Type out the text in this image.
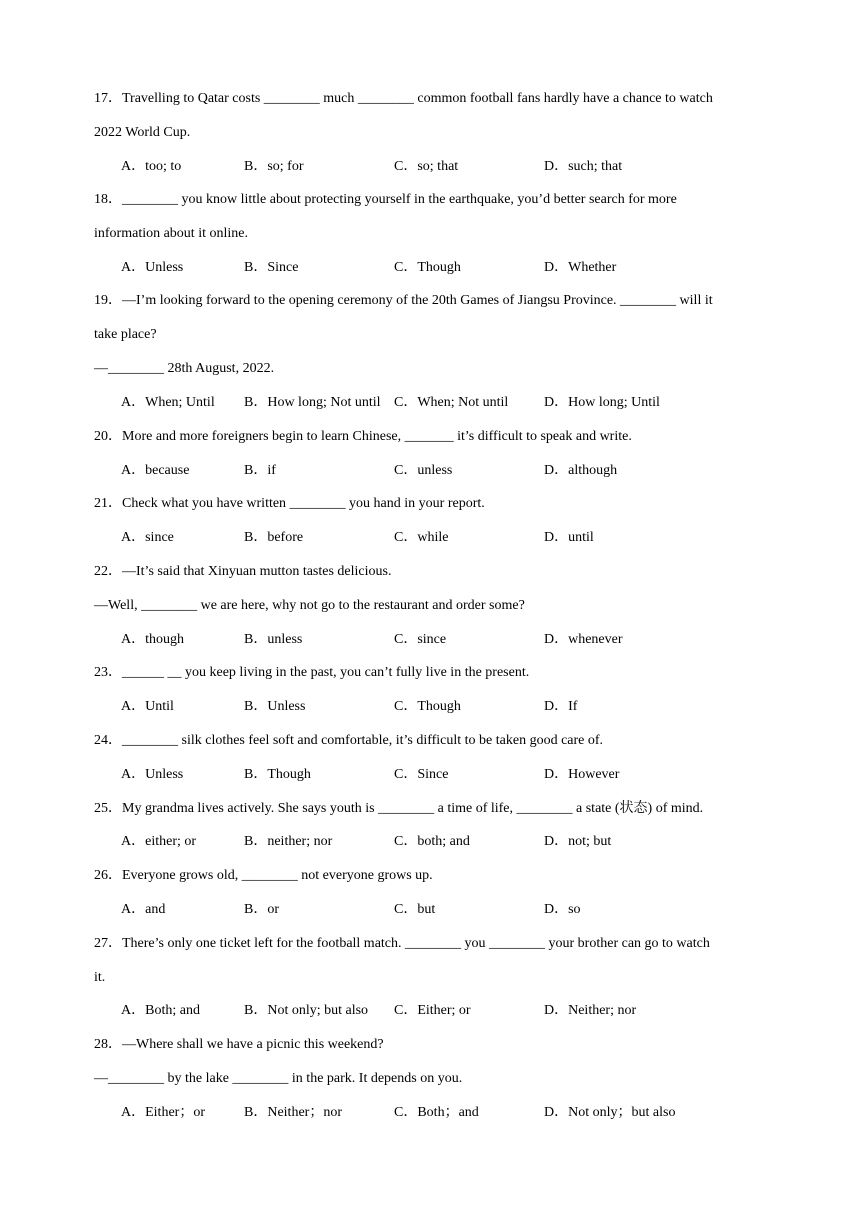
17．Travelling to Qatar costs ________ much ________ common football fans hardly have a chance to watch
2022 World Cup.
A．too; to	B．so; for	C．so; that	D．such; that
18．________ you know little about protecting yourself in the earthquake, you’d better search for more
information about it online.
A．Unless	B．Since	C．Though	D．Whether
19．—I’m looking forward to the opening ceremony of the 20th Games of Jiangsu Province. ________ will it
take place?
—________ 28th August, 2022.
A．When; Until B．How long; Not until C．When; Not until	D．How long; Until
20．More and more foreigners begin to learn Chinese, _______ it’s difficult to speak and write.
A．because	B．if	C．unless	D．although
21．Check what you have written ________ you hand in your report.
A．since	B．before	C．while	D．until
22．—It’s said that Xinyuan mutton tastes delicious.
—Well, ________ we are here, why not go to the restaurant and order some?
A．though	B．unless	C．since	D．whenever
23．______ __ you keep living in the past, you can’t fully live in the present.
A．Until	B．Unless	C．Though	D．If
24．________ silk clothes feel soft and comfortable, it’s difficult to be taken good care of.
A．Unless	B．Though	C．Since	D．However
25．My grandma lives actively. She says youth is ________ a time of life, ________ a state (状态) of mind.
A．either; or	B．neither; nor	C．both; and	D．not; but
26．Everyone grows old, ________ not everyone grows up.
A．and	B．or	C．but	D．so
27．There’s only one ticket left for the football match. ________ you ________ your brother can go to watch
it.
A．Both; and	B．Not only; but also C．Either; or	D．Neither; nor
28．—Where shall we have a picnic this weekend?
—________ by the lake ________ in the park. It depends on you.
A．Either；or	B．Neither；nor	C．Both；and	D．Not only；but also
